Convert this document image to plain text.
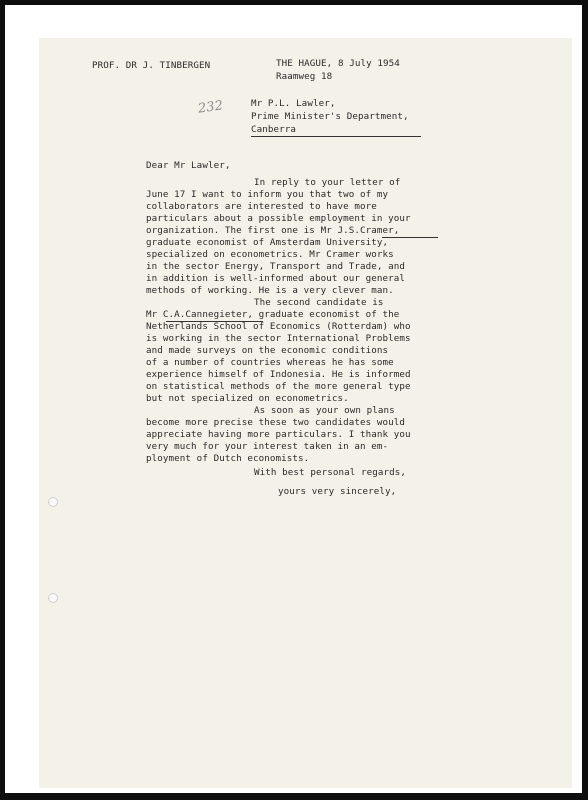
PROF. DR J. TINBERGEN	THE HAGUE, 8 July 1954
Raamweg 18
232	Mr P.L. Lawler,
Prime Minister's Department,
Canberra
Dear Mr Lawler,
In reply to your letter of
June 17 I want to inform you that two of my
collaborators are interested to have more
particulars about a possible employment in your
organization. The first one is Mr J.S.Cramer,
graduate economist of Amsterdam University,
specialized on econometrics. Mr Cramer works
in the sector Energy, Transport and Trade, and
in addition is well-informed about our general
methods of working. He is a very clever man.
The second candidate is
Mr C.A.Cannegieter, graduate economist of the
Netherlands School of Economics (Rotterdam) who
is working in the sector International Problems
and made surveys on the economic conditions
of a number of countries whereas he has some
experience himself of Indonesia. He is informed
on statistical methods of the more general type
but not specialized on econometrics.
As soon as your own plans
become more precise these two candidates would
appreciate having more particulars. I thank you
very much for your interest taken in an em-
ployment of Dutch economists.
With best personal regards,
yours very sincerely,
